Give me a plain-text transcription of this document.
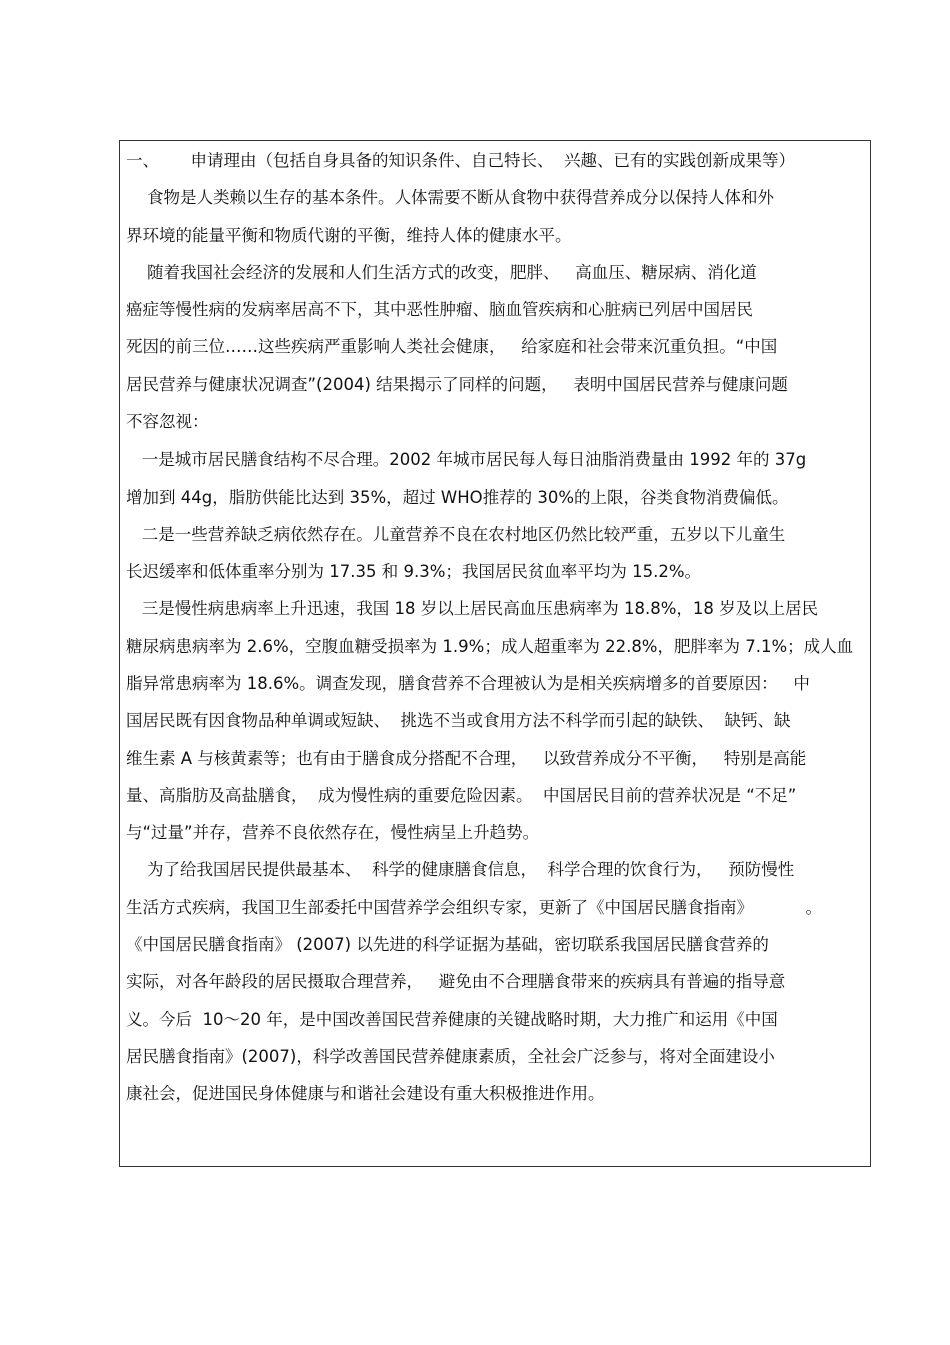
一、      申请理由（包括自身具备的知识条件、自己特长、  兴趣、已有的实践创新成果等）
食物是人类赖以生存的基本条件。人体需要不断从食物中获得营养成分以保持人体和外
界环境的能量平衡和物质代谢的平衡，维持人体的健康水平。
随着我国社会经济的发展和人们生活方式的改变，肥胖、   高血压、糖尿病、消化道
癌症等慢性病的发病率居高不下，其中恶性肿瘤、脑血管疾病和心脏病已列居中国居民
死因的前三位……这些疾病严重影响人类社会健康，   给家庭和社会带来沉重负担。“中国
居民营养与健康状况调查”(2004) 结果揭示了同样的问题，   表明中国居民营养与健康问题
不容忽视：
一是城市居民膳食结构不尽合理。2002 年城市居民每人每日油脂消费量由 1992 年的 37g
增加到 44g，脂肪供能比达到 35%，超过 WHO推荐的 30%的上限，谷类食物消费偏低。
二是一些营养缺乏病依然存在。儿童营养不良在农村地区仍然比较严重，五岁以下儿童生
长迟缓率和低体重率分别为 17.35 和 9.3%；我国居民贫血率平均为 15.2%。
三是慢性病患病率上升迅速，我国 18 岁以上居民高血压患病率为 18.8%，18 岁及以上居民
糖尿病患病率为 2.6%，空腹血糖受损率为 1.9%；成人超重率为 22.8%，肥胖率为 7.1%；成人血
脂异常患病率为 18.6%。调查发现，膳食营养不合理被认为是相关疾病增多的首要原因：   中
国居民既有因食物品种单调或短缺、  挑选不当或食用方法不科学而引起的缺铁、  缺钙、缺
维生素 A 与核黄素等；也有由于膳食成分搭配不合理，   以致营养成分不平衡，   特别是高能
量、高脂肪及高盐膳食，  成为慢性病的重要危险因素。  中国居民目前的营养状况是 “不足”
与“过量”并存，营养不良依然存在，慢性病呈上升趋势。
为了给我国居民提供最基本、  科学的健康膳食信息，  科学合理的饮食行为，   预防慢性
生活方式疾病，我国卫生部委托中国营养学会组织专家，更新了《中国居民膳食指南》          。
《中国居民膳食指南》 (2007) 以先进的科学证据为基础，密切联系我国居民膳食营养的
实际，对各年龄段的居民摄取合理营养，   避免由不合理膳食带来的疾病具有普遍的指导意
义。今后  10～20 年，是中国改善国民营养健康的关键战略时期，大力推广和运用《中国
居民膳食指南》(2007)，科学改善国民营养健康素质，全社会广泛参与，将对全面建设小
康社会，促进国民身体健康与和谐社会建设有重大积极推进作用。
